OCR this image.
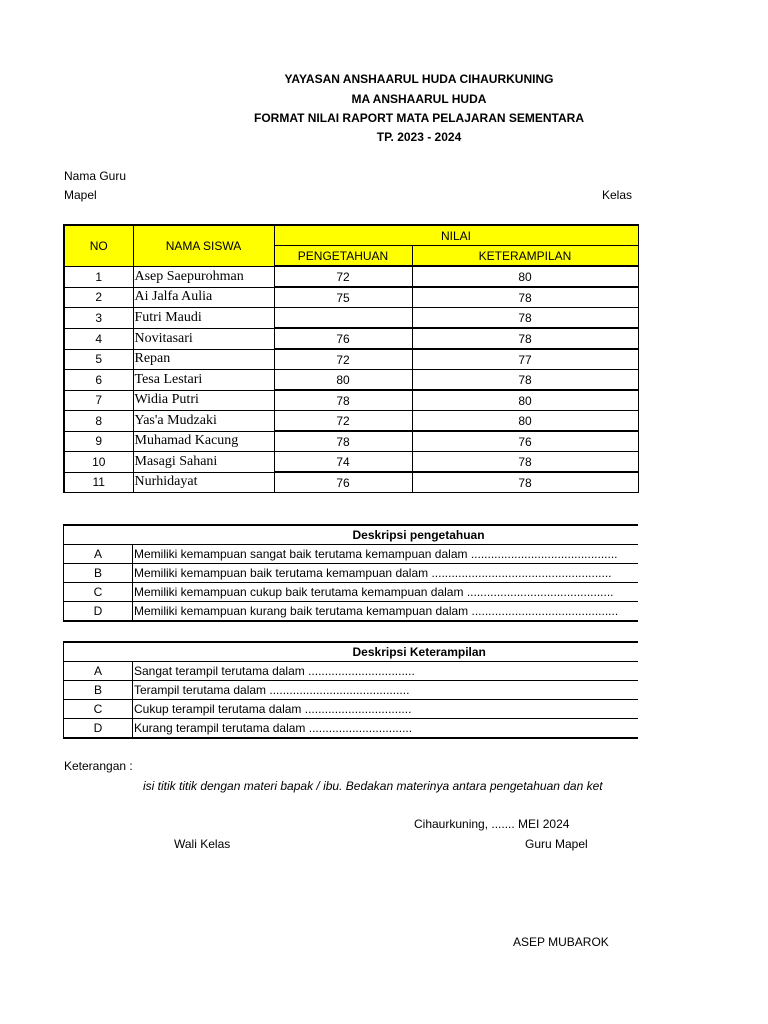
YAYASAN ANSHAARUL HUDA CIHAURKUNING
MA ANSHAARUL HUDA
FORMAT NILAI RAPORT MATA PELAJARAN SEMENTARA
TP. 2023 - 2024
Nama Guru
Mapel	Kelas
NO	NAMA SISWA	NILAI	
		PENGETAHUAN	KETERAMPILAN
1	Asep Saepurohman	72	80
2	Ai Jalfa Aulia	75	78
3	Futri Maudi		78
4	Novitasari	76	78
5	Repan	72	77
6	Tesa Lestari	80	78
7	Widia Putri	78	80
8	Yas'a Mudzaki	72	80
9	Muhamad Kacung	78	76
10	Masagi Sahani	74	78
11	Nurhidayat	76	78
	Deskripsi pengetahuan
A	Memiliki kemampuan sangat baik terutama kemampuan dalam ............................................
B	Memiliki kemampuan baik terutama kemampuan dalam ......................................................
C	Memiliki kemampuan cukup baik terutama kemampuan dalam ............................................
D	Memiliki kemampuan kurang baik terutama kemampuan dalam ............................................
	Deskripsi Keterampilan
A	Sangat terampil terutama dalam ................................
B	Terampil terutama dalam ..........................................
C	Cukup terampil terutama dalam ................................
D	Kurang terampil terutama dalam ...............................
Keterangan :
isi titik titik dengan materi bapak / ibu. Bedakan materinya antara pengetahuan dan ket
Cihaurkuning, ....... MEI 2024
Wali Kelas	Guru Mapel
ASEP MUBAROK
